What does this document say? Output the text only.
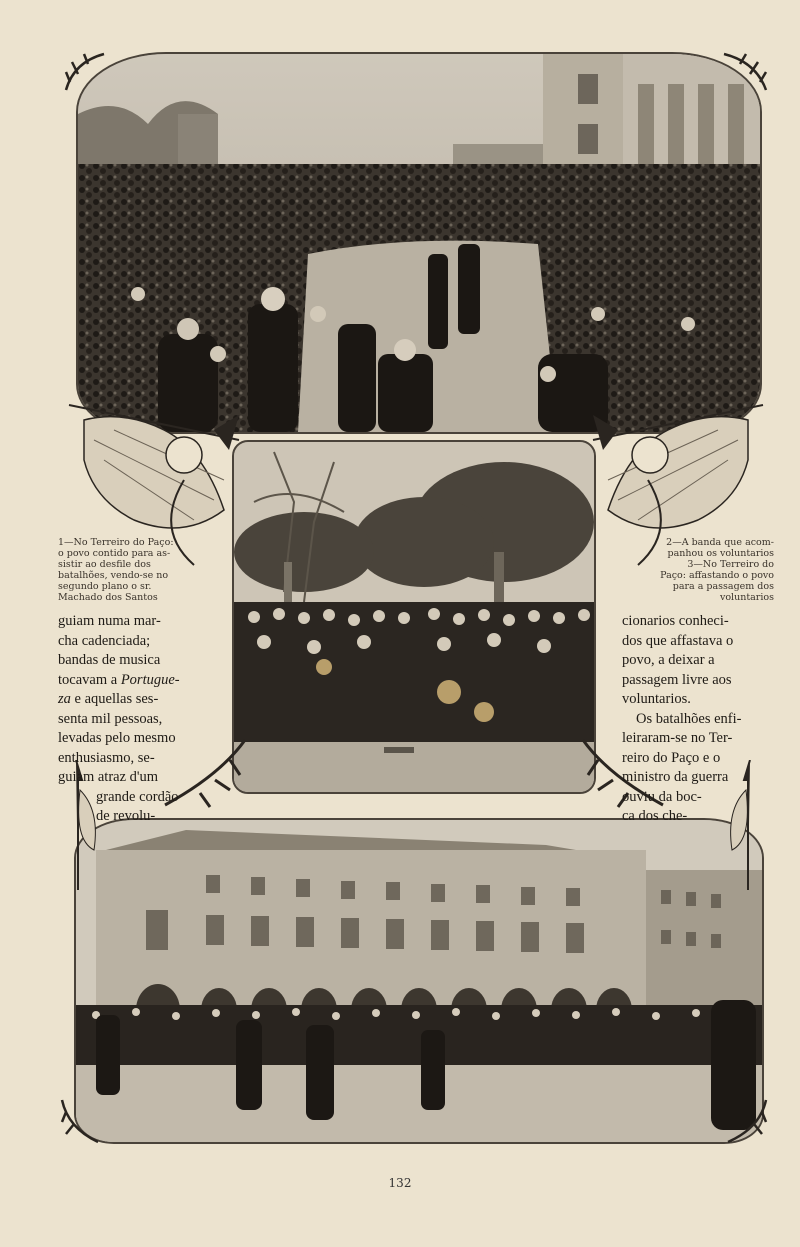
1—No Terreiro do Paço:
o povo contido para as-
sistir ao desfile dos
batalhões, vendo-se no
segundo plano o sr.
Machado dos Santos
2—A banda que acom-
panhou os voluntarios
3—No Terreiro do
Paço: affastando o povo
para a passagem dos
voluntarios
guiam numa mar-
cha cadenciada;
bandas de musica
tocavam a Portugue-
za e aquellas ses-
senta mil pessoas,
levadas pelo mesmo
enthusiasmo, se-
guiam atraz d'um
grande cordão
de revolu-
cionarios conheci-
dos que affastava o
povo, a deixar a
passagem livre aos
voluntarios.
Os batalhões enfi-
leiraram-se no Ter-
reiro do Paço e o
ministro da guerra
ouviu da boc-
ca dos che-
132
